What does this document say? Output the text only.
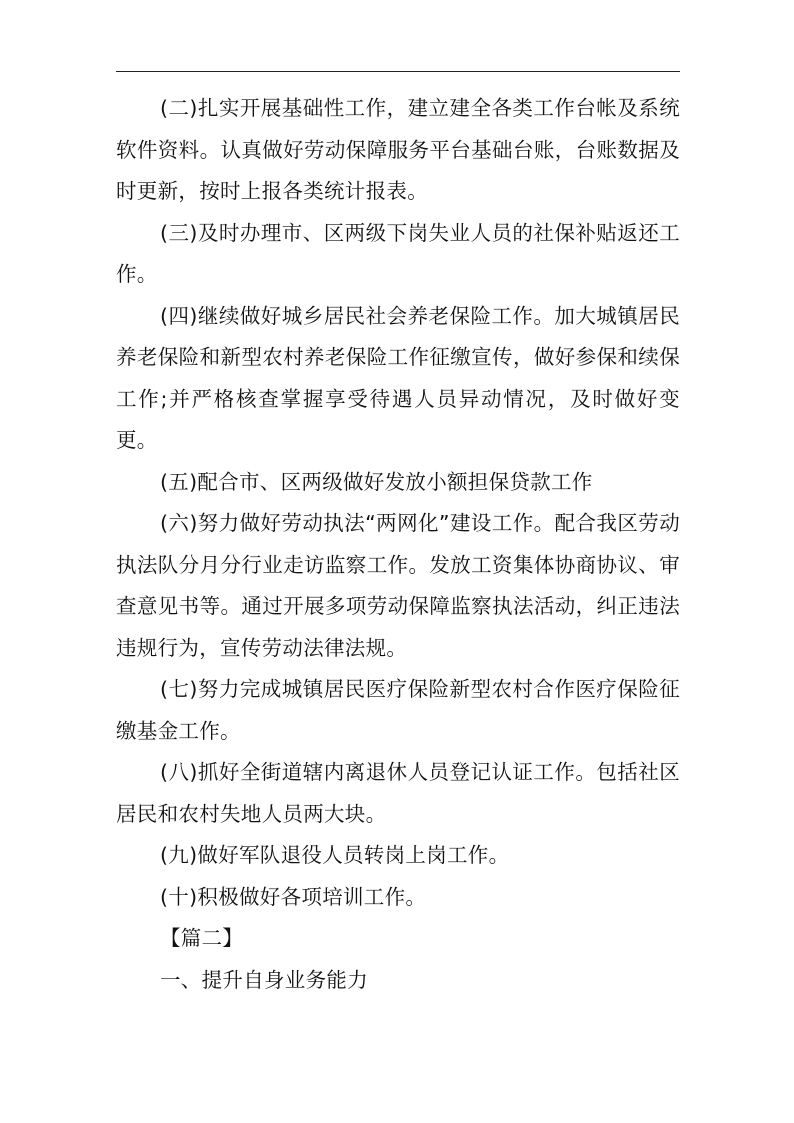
(二)扎实开展基础性工作，建立建全各类工作台帐及系统软件资料。认真做好劳动保障服务平台基础台账，台账数据及时更新，按时上报各类统计报表。

(三)及时办理市、区两级下岗失业人员的社保补贴返还工作。

(四)继续做好城乡居民社会养老保险工作。加大城镇居民养老保险和新型农村养老保险工作征缴宣传，做好参保和续保工作;并严格核查掌握享受待遇人员异动情况，及时做好变更。

(五)配合市、区两级做好发放小额担保贷款工作

(六)努力做好劳动执法“两网化”建设工作。配合我区劳动执法队分月分行业走访监察工作。发放工资集体协商协议、审查意见书等。通过开展多项劳动保障监察执法活动，纠正违法违规行为，宣传劳动法律法规。

(七)努力完成城镇居民医疗保险新型农村合作医疗保险征缴基金工作。

(八)抓好全街道辖内离退休人员登记认证工作。包括社区居民和农村失地人员两大块。

(九)做好军队退役人员转岗上岗工作。

(十)积极做好各项培训工作。

【篇二】

一、提升自身业务能力
